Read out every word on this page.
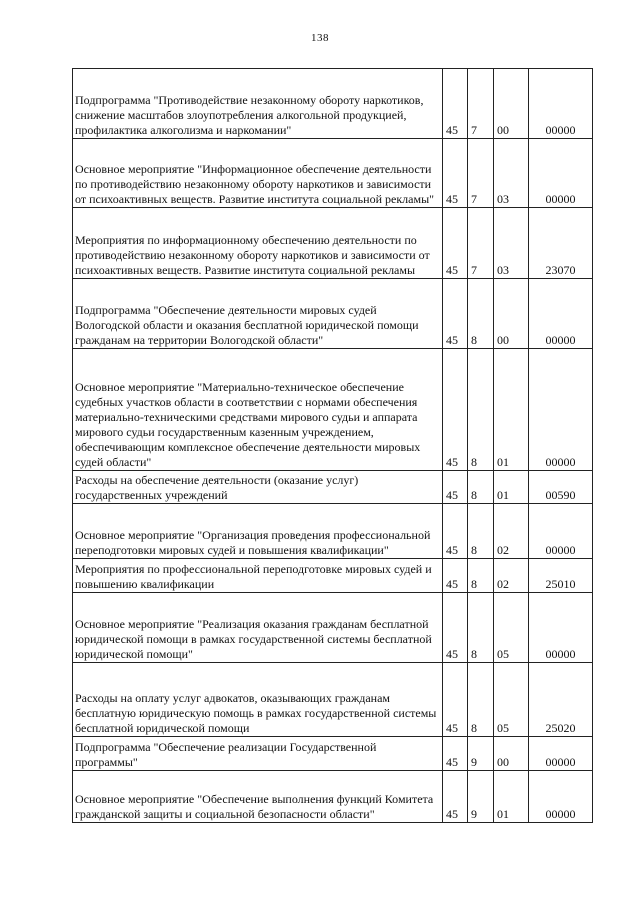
138
Подпрограмма "Противодействие незаконному обороту наркотиков, снижение масштабов злоупотребления алкогольной продукцией, профилактика алкоголизма и наркомании"	45	7	00	00000
Основное мероприятие "Информационное обеспечение деятельности по противодействию незаконному обороту наркотиков и зависимости от психоактивных веществ. Развитие института социальной рекламы"	45	7	03	00000
Мероприятия по информационному обеспечению деятельности по противодействию незаконному обороту наркотиков и зависимости от психоактивных веществ. Развитие института социальной рекламы	45	7	03	23070
Подпрограмма "Обеспечение деятельности мировых судей Вологодской области и оказания бесплатной юридической помощи гражданам на территории Вологодской области"	45	8	00	00000
Основное мероприятие "Материально-техническое обеспечение судебных участков области в соответствии с нормами обеспечения материально-техническими средствами мирового судьи и аппарата мирового судьи государственным казенным учреждением, обеспечивающим комплексное обеспечение деятельности мировых судей области"	45	8	01	00000
Расходы на обеспечение деятельности (оказание услуг) государственных учреждений	45	8	01	00590
Основное мероприятие "Организация проведения профессиональной переподготовки мировых судей и повышения квалификации"	45	8	02	00000
Мероприятия по профессиональной переподготовке мировых судей и повышению квалификации	45	8	02	25010
Основное мероприятие "Реализация оказания гражданам бесплатной юридической помощи в рамках государственной системы бесплатной юридической помощи"	45	8	05	00000
Расходы на оплату услуг адвокатов, оказывающих гражданам бесплатную юридическую помощь в рамках государственной системы бесплатной юридической помощи	45	8	05	25020
Подпрограмма "Обеспечение реализации Государственной программы"	45	9	00	00000
Основное мероприятие "Обеспечение выполнения функций Комитета гражданской защиты и социальной безопасности области"	45	9	01	00000
